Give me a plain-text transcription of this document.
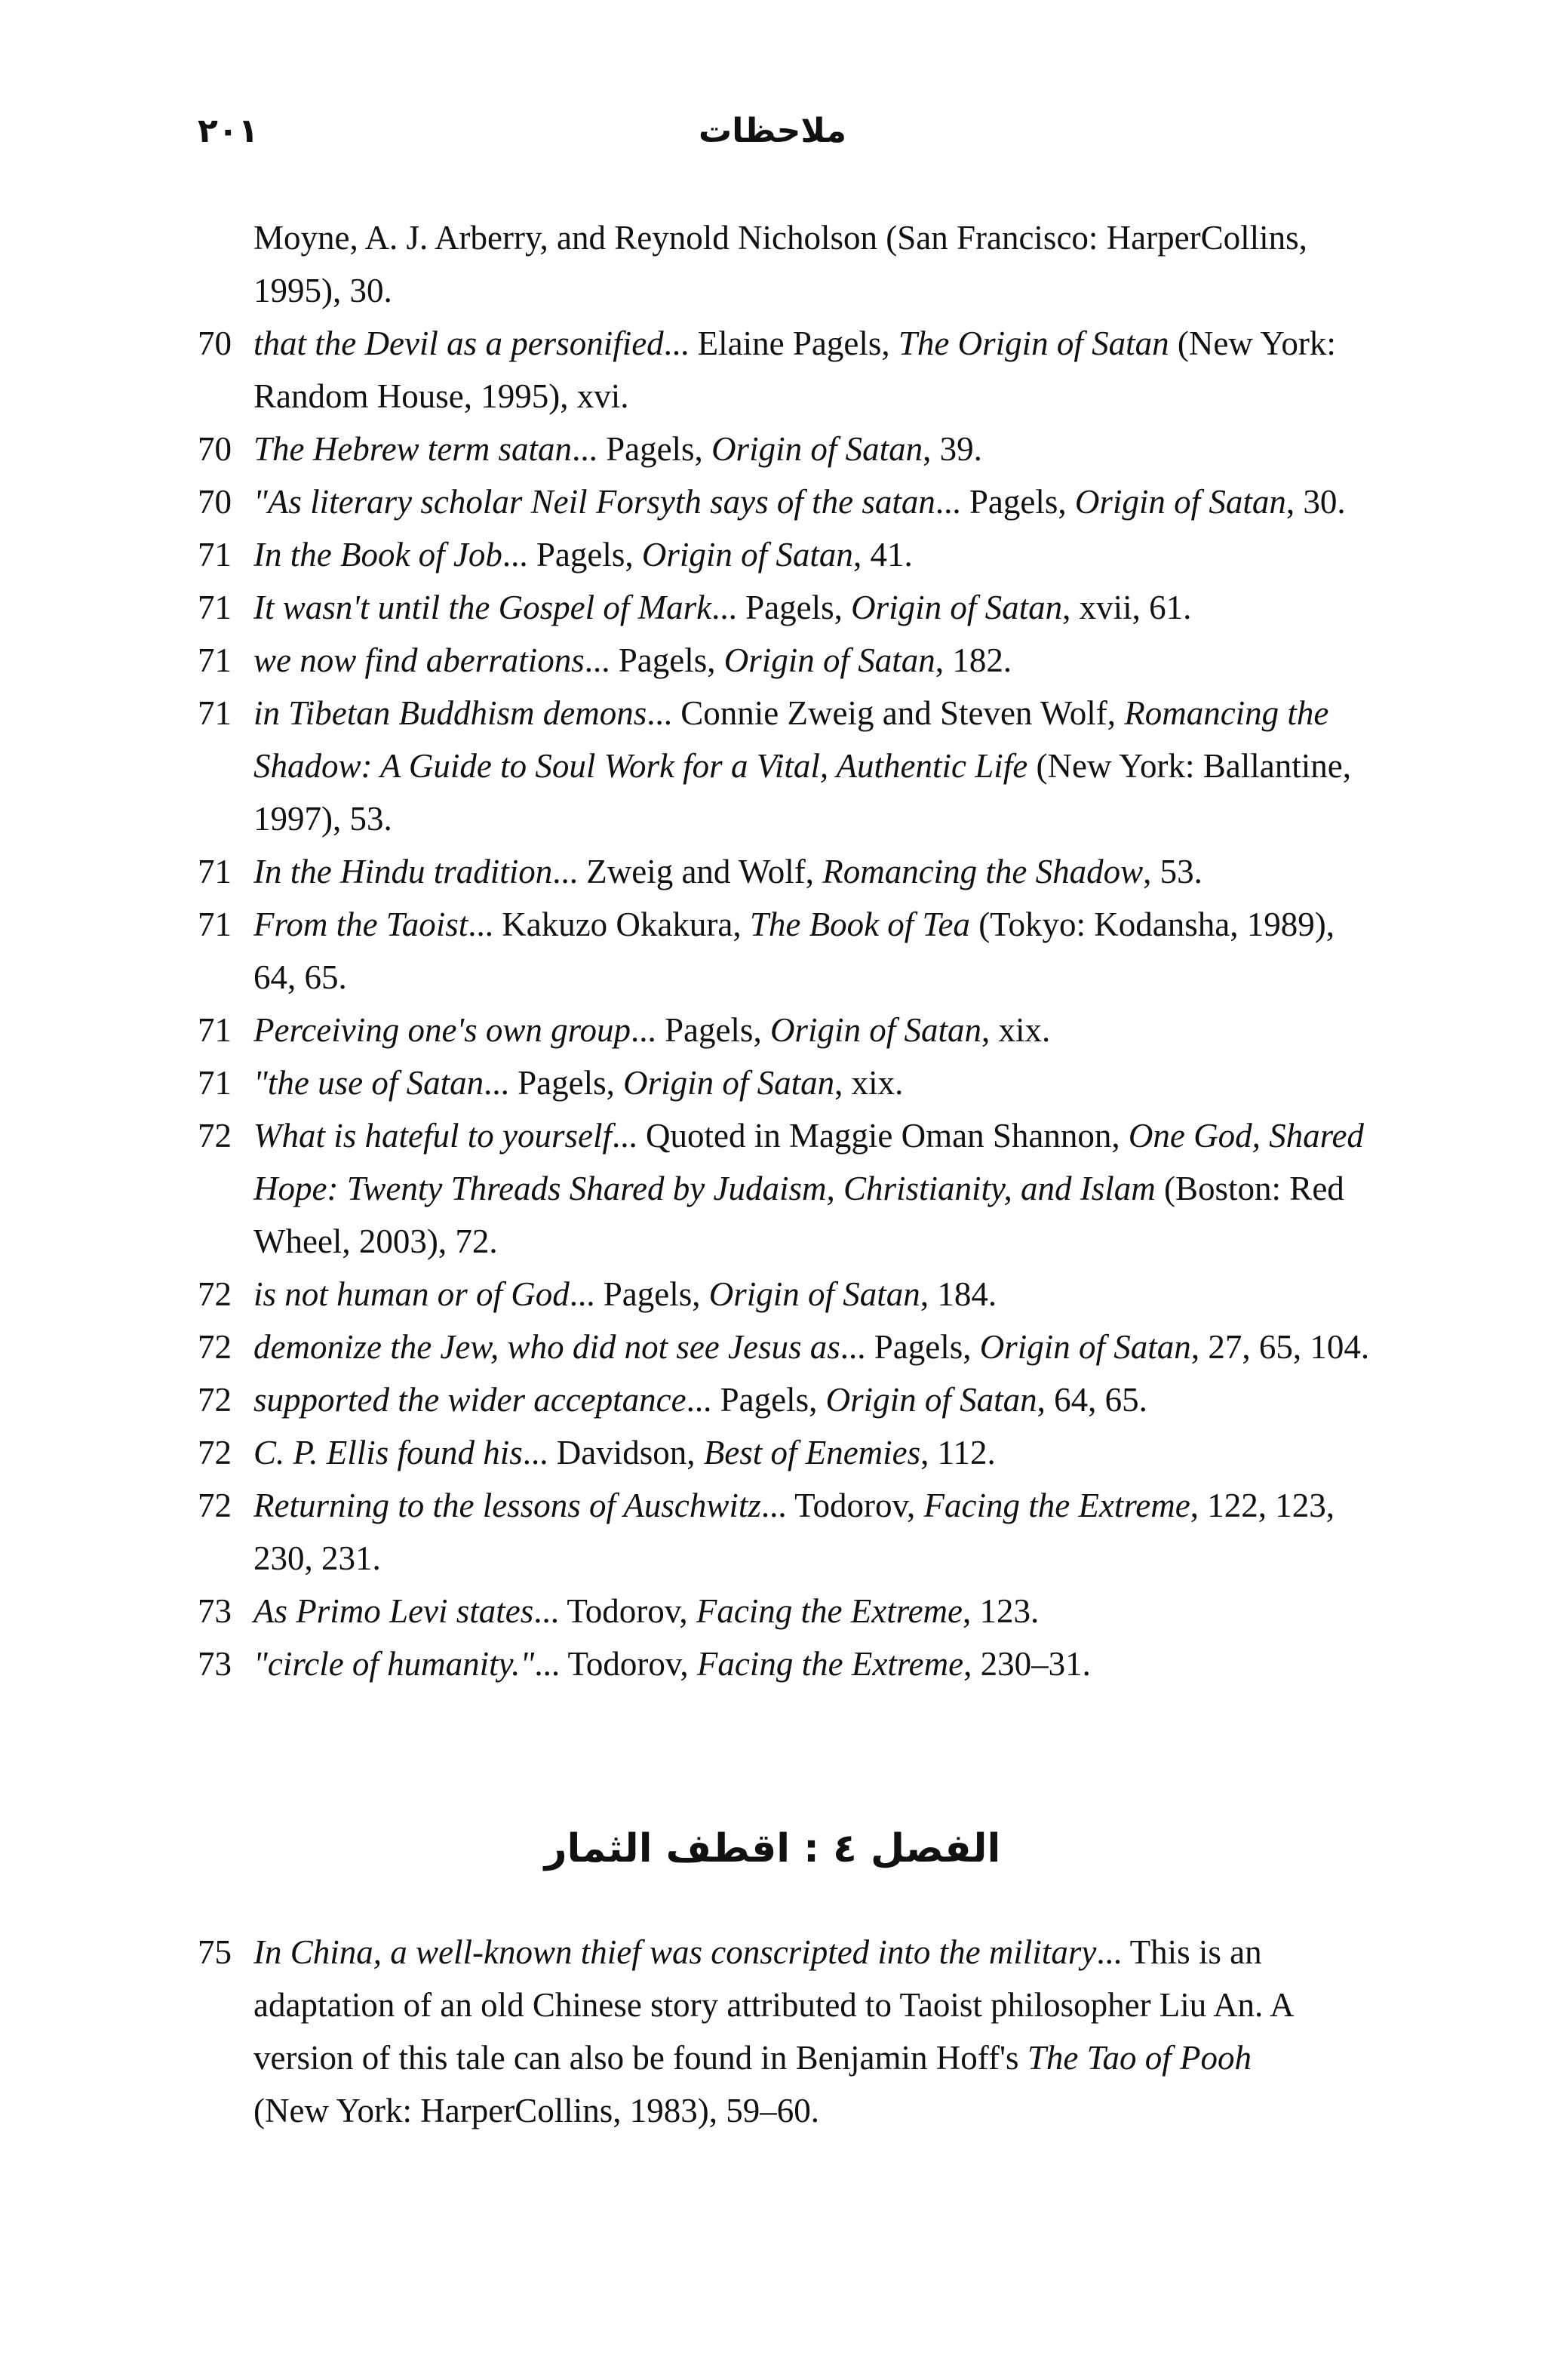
٢٠١	ملاحظات
Moyne, A. J. Arberry, and Reynold Nicholson (San Francisco: HarperCollins, 1995), 30.
70 that the Devil as a personified... Elaine Pagels, The Origin of Satan (New York: Random House, 1995), xvi.
70 The Hebrew term satan... Pagels, Origin of Satan, 39.
70 "As literary scholar Neil Forsyth says of the satan... Pagels, Origin of Satan, 30.
71 In the Book of Job... Pagels, Origin of Satan, 41.
71 It wasn't until the Gospel of Mark... Pagels, Origin of Satan, xvii, 61.
71 we now find aberrations... Pagels, Origin of Satan, 182.
71 in Tibetan Buddhism demons... Connie Zweig and Steven Wolf, Romancing the Shadow: A Guide to Soul Work for a Vital, Authentic Life (New York: Ballantine, 1997), 53.
71 In the Hindu tradition... Zweig and Wolf, Romancing the Shadow, 53.
71 From the Taoist... Kakuzo Okakura, The Book of Tea (Tokyo: Kodansha, 1989), 64, 65.
71 Perceiving one's own group... Pagels, Origin of Satan, xix.
71 "the use of Satan... Pagels, Origin of Satan, xix.
72 What is hateful to yourself... Quoted in Maggie Oman Shannon, One God, Shared Hope: Twenty Threads Shared by Judaism, Christianity, and Islam (Boston: Red Wheel, 2003), 72.
72 is not human or of God... Pagels, Origin of Satan, 184.
72 demonize the Jew, who did not see Jesus as... Pagels, Origin of Satan, 27, 65, 104.
72 supported the wider acceptance... Pagels, Origin of Satan, 64, 65.
72 C. P. Ellis found his... Davidson, Best of Enemies, 112.
72 Returning to the lessons of Auschwitz... Todorov, Facing the Extreme, 122, 123, 230, 231.
73 As Primo Levi states... Todorov, Facing the Extreme, 123.
73 "circle of humanity."... Todorov, Facing the Extreme, 230–31.
الفصل ٤ : اقطف الثمار
75 In China, a well-known thief was conscripted into the military... This is an adaptation of an old Chinese story attributed to Taoist philosopher Liu An. A version of this tale can also be found in Benjamin Hoff's The Tao of Pooh (New York: HarperCollins, 1983), 59–60.
